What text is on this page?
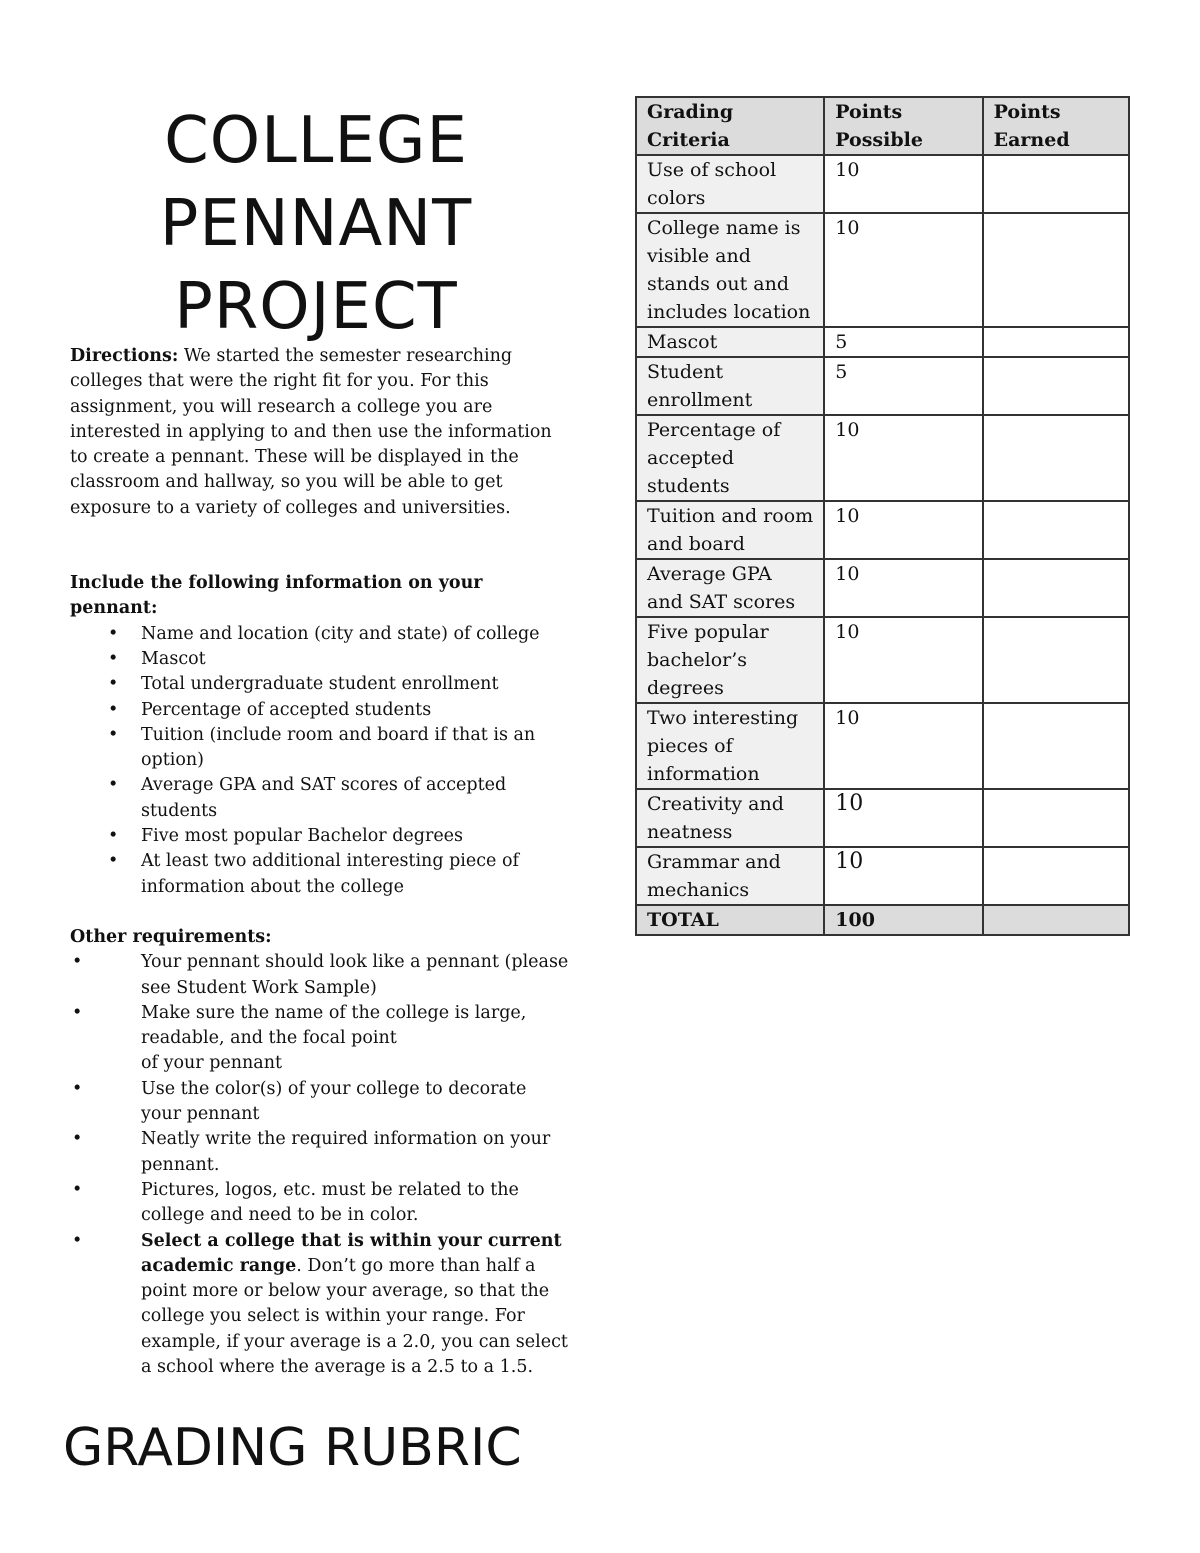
COLLEGE
PENNANT
PROJECT

Directions: We started the semester researching colleges that were the right fit for you. For this assignment, you will research a college you are interested in applying to and then use the information to create a pennant. These will be displayed in the classroom and hallway, so you will be able to get exposure to a variety of colleges and universities.

Include the following information on your pennant:

• Name and location (city and state) of college
• Mascot
• Total undergraduate student enrollment
• Percentage of accepted students
• Tuition (include room and board if that is an option)
• Average GPA and SAT scores of accepted students
• Five most popular Bachelor degrees
• At least two additional interesting piece of information about the college

Other requirements:

• Your pennant should look like a pennant (please see Student Work Sample)
• Make sure the name of the college is large, readable, and the focal point
of your pennant
• Use the color(s) of your college to decorate your pennant
• Neatly write the required information on your pennant.
• Pictures, logos, etc. must be related to the college and need to be in color.
• Select a college that is within your current academic range. Don’t go more than half a point more or below your average, so that the college you select is within your range. For example, if your average is a 2.0, you can select a school where the average is a 2.5 to a 1.5.
GRADING RUBRIC
Grading Criteria	Points Possible	Points Earned
Use of school colors	10	
College name is visible and stands out and includes location	10	
Mascot	5	
Student enrollment	5	
Percentage of accepted students	10	
Tuition and room and board	10	
Average GPA and SAT scores	10	
Five popular bachelor’s degrees	10	
Two interesting pieces of information	10	
Creativity and neatness	10	
Grammar and mechanics	10	
TOTAL	100	
